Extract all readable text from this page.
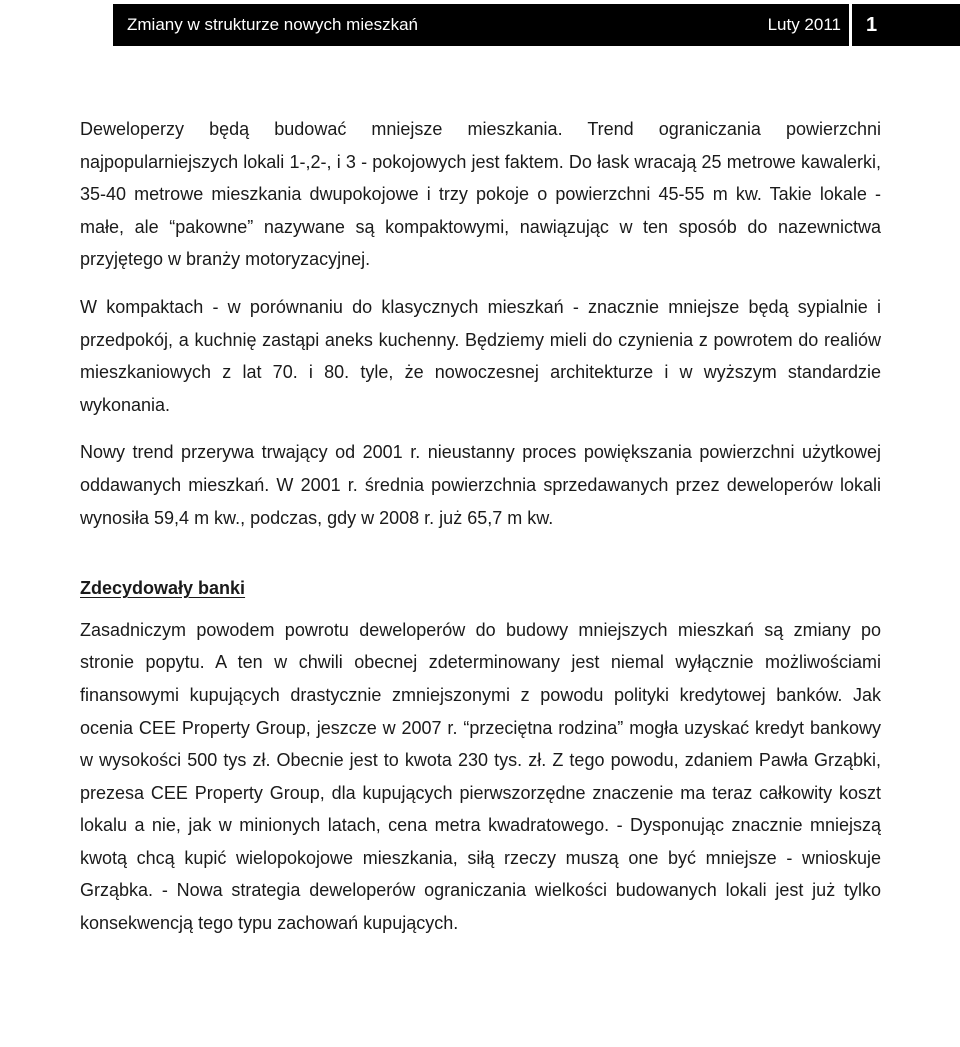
Zmiany w strukturze nowych mieszkań	Luty 2011 1

Deweloperzy będą budować mniejsze mieszkania. Trend ograniczania powierzchni najpopularniejszych lokali 1-,2-, i 3 - pokojowych jest faktem. Do łask wracają 25 metrowe kawalerki, 35-40 metrowe mieszkania dwupokojowe i trzy pokoje o powierzchni 45-55 m kw. Takie lokale - małe, ale “pakowne” nazywane są kompaktowymi, nawiązując w ten sposób do nazewnictwa przyjętego w branży motoryzacyjnej.

W kompaktach - w porównaniu do klasycznych mieszkań - znacznie mniejsze będą sypialnie i przedpokój, a kuchnię zastąpi aneks kuchenny. Będziemy mieli do czynienia z powrotem do realiów mieszkaniowych z lat 70. i 80. tyle, że nowoczesnej architekturze i w wyższym standardzie wykonania.

Nowy trend przerywa trwający od 2001 r. nieustanny proces powiększania powierzchni użytkowej oddawanych mieszkań. W 2001 r. średnia powierzchnia sprzedawanych przez deweloperów lokali wynosiła 59,4 m kw., podczas, gdy w 2008 r. już 65,7 m kw.

Zdecydowały banki

Zasadniczym powodem powrotu deweloperów do budowy mniejszych mieszkań są zmiany po stronie popytu. A ten w chwili obecnej zdeterminowany jest niemal wyłącznie możliwościami finansowymi kupujących drastycznie zmniejszonymi z powodu polityki kredytowej banków. Jak ocenia CEE Property Group, jeszcze w 2007 r. “przeciętna rodzina” mogła uzyskać kredyt bankowy w wysokości 500 tys zł. Obecnie jest to kwota 230 tys. zł. Z tego powodu, zdaniem Pawła Grząbki, prezesa CEE Property Group, dla kupujących pierwszorzędne znaczenie ma teraz całkowity koszt lokalu a nie, jak w minionych latach, cena metra kwadratowego. - Dysponując znacznie mniejszą kwotą chcą kupić wielopokojowe mieszkania, siłą rzeczy muszą one być mniejsze - wnioskuje Grząbka. - Nowa strategia deweloperów ograniczania wielkości budowanych lokali jest już tylko konsekwencją tego typu zachowań kupujących.
